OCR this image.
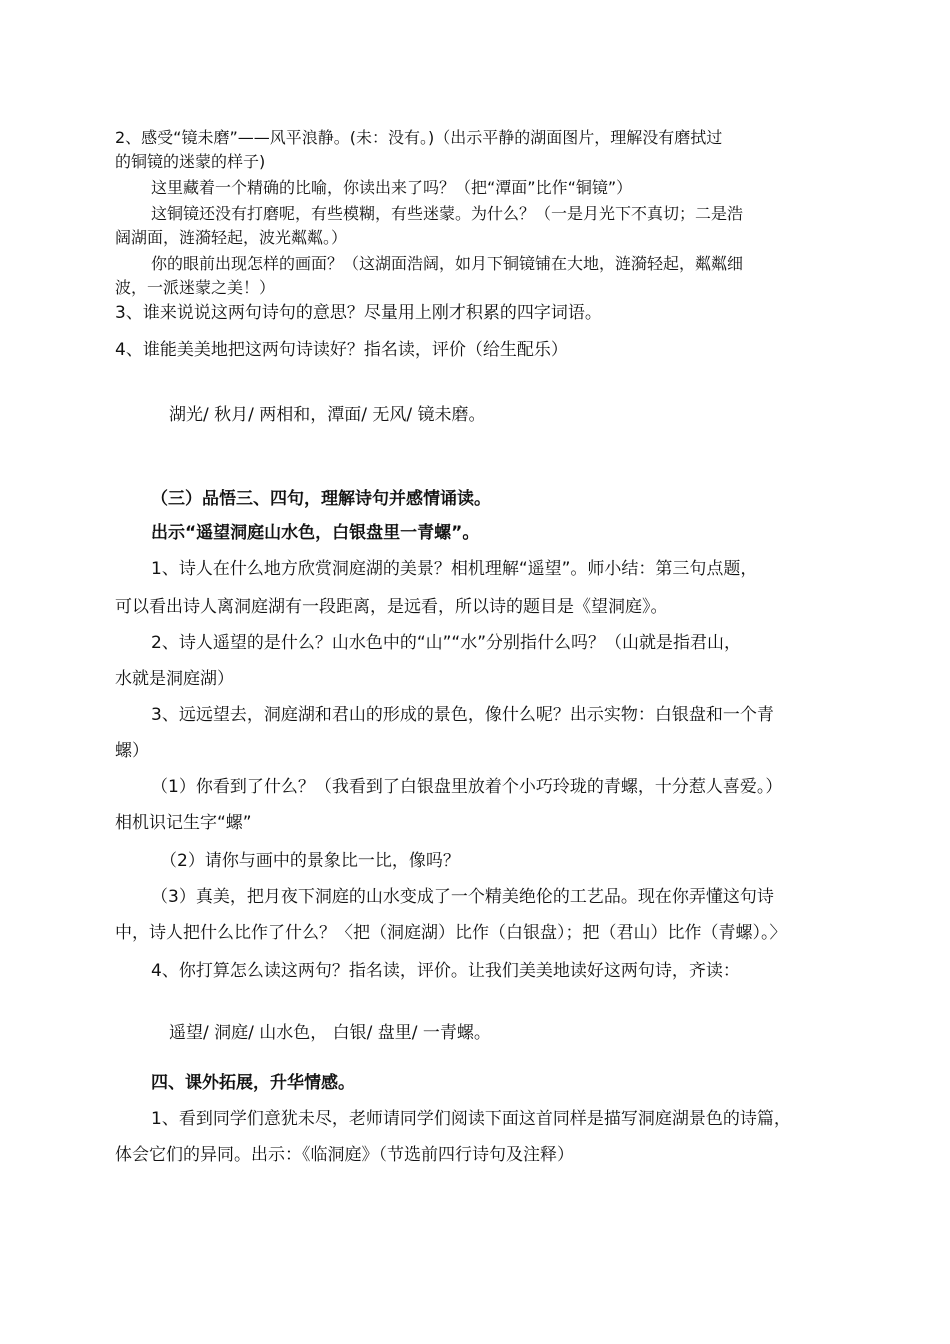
2、感受“镜未磨”——风平浪静。(未：没有。)（出示平静的湖面图片，理解没有磨拭过
的铜镜的迷蒙的样子)
这里藏着一个精确的比喻，你读出来了吗？（把“潭面”比作“铜镜”）
这铜镜还没有打磨呢，有些模糊，有些迷蒙。为什么？（一是月光下不真切；二是浩
阔湖面，涟漪轻起，波光粼粼。）
你的眼前出现怎样的画面？（这湖面浩阔，如月下铜镜铺在大地，涟漪轻起，粼粼细
波，一派迷蒙之美！）
3、谁来说说这两句诗句的意思？尽量用上刚才积累的四字词语。
4、谁能美美地把这两句诗读好？指名读，评价（给生配乐）
湖光/ 秋月/ 两相和，潭面/ 无风/ 镜未磨。
（三）品悟三、四句，理解诗句并感情诵读。
出示“遥望洞庭山水色，白银盘里一青螺”。
1、诗人在什么地方欣赏洞庭湖的美景？相机理解“遥望”。师小结：第三句点题，
可以看出诗人离洞庭湖有一段距离，是远看，所以诗的题目是《望洞庭》。
2、诗人遥望的是什么？山水色中的“山”“水”分别指什么吗？（山就是指君山，
水就是洞庭湖）
3、远远望去，洞庭湖和君山的形成的景色，像什么呢？出示实物：白银盘和一个青
螺）
（1）你看到了什么？（我看到了白银盘里放着个小巧玲珑的青螺，十分惹人喜爱。）
相机识记生字“螺”
（2）请你与画中的景象比一比，像吗？
（3）真美，把月夜下洞庭的山水变成了一个精美绝伦的工艺品。现在你弄懂这句诗
中，诗人把什么比作了什么？〈把（洞庭湖）比作（白银盘）；把（君山）比作（青螺）。〉
4、你打算怎么读这两句？指名读，评价。让我们美美地读好这两句诗，齐读：
遥望/ 洞庭/ 山水色， 白银/ 盘里/ 一青螺。
四、课外拓展，升华情感。
1、看到同学们意犹未尽，老师请同学们阅读下面这首同样是描写洞庭湖景色的诗篇，
体会它们的异同。出示：《临洞庭》（节选前四行诗句及注释）
